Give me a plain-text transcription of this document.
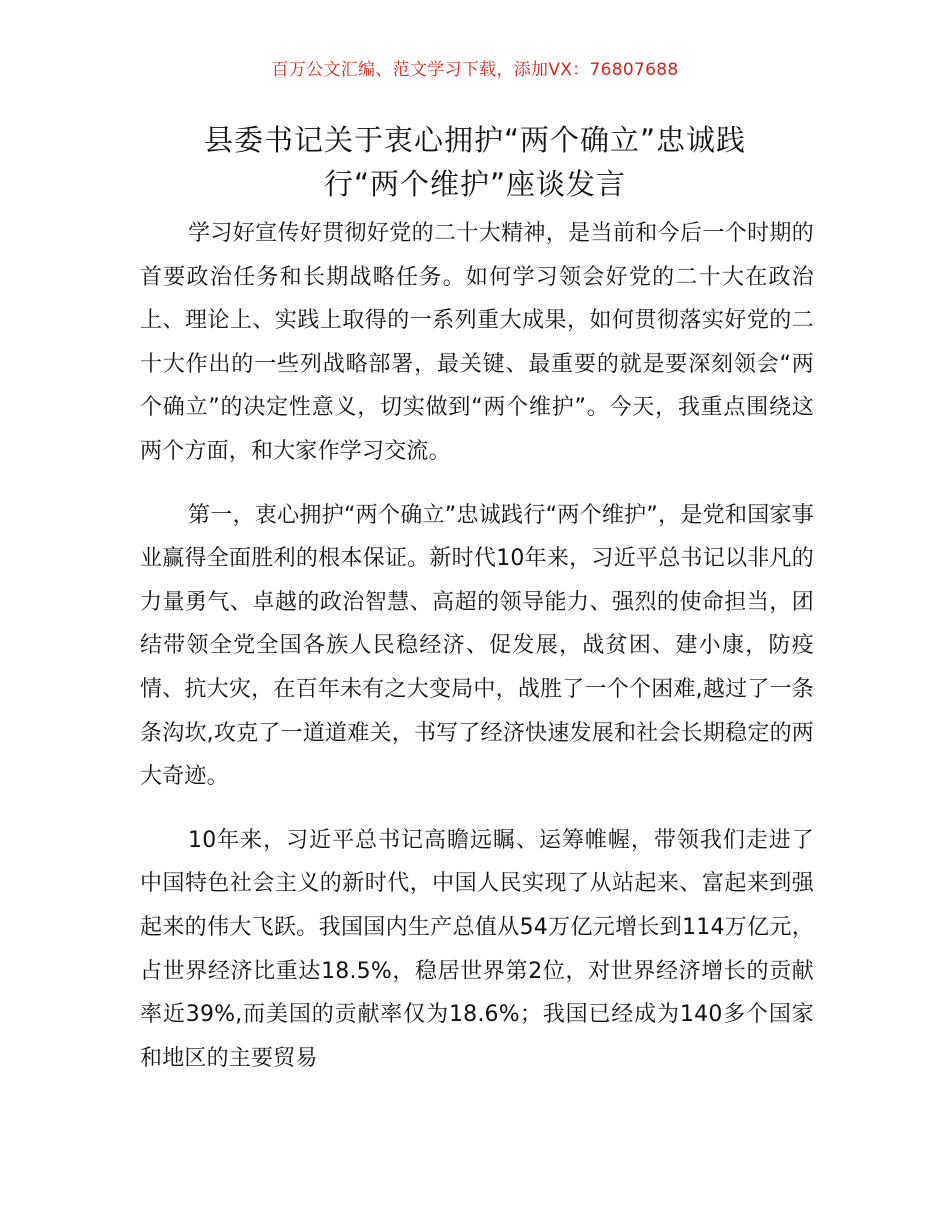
百万公文汇编、范文学习下载，添加VX：76807688
县委书记关于衷心拥护“两个确立”忠诚践
行“两个维护”座谈发言

学习好宣传好贯彻好党的二十大精神，是当前和今后一个时期的首要政治任务和长期战略任务。如何学习领会好党的二十大在政治上、理论上、实践上取得的一系列重大成果，如何贯彻落实好党的二十大作出的一些列战略部署，最关键、最重要的就是要深刻领会“两个确立”的决定性意义，切实做到“两个维护”。今天，我重点围绕这两个方面，和大家作学习交流。

第一，衷心拥护“两个确立”忠诚践行“两个维护”，是党和国家事业赢得全面胜利的根本保证。新时代10年来，习近平总书记以非凡的力量勇气、卓越的政治智慧、高超的领导能力、强烈的使命担当，团结带领全党全国各族人民稳经济、促发展，战贫困、建小康，防疫情、抗大灾，在百年未有之大变局中，战胜了一个个困难,越过了一条条沟坎,攻克了一道道难关，书写了经济快速发展和社会长期稳定的两大奇迹。

10年来，习近平总书记高瞻远瞩、运筹帷幄，带领我们走进了中国特色社会主义的新时代，中国人民实现了从站起来、富起来到强起来的伟大飞跃。我国国内生产总值从54万亿元增长到114万亿元，占世界经济比重达18.5%，稳居世界第2位，对世界经济增长的贡献率近39%,而美国的贡献率仅为18.6%；我国已经成为140多个国家和地区的主要贸易
